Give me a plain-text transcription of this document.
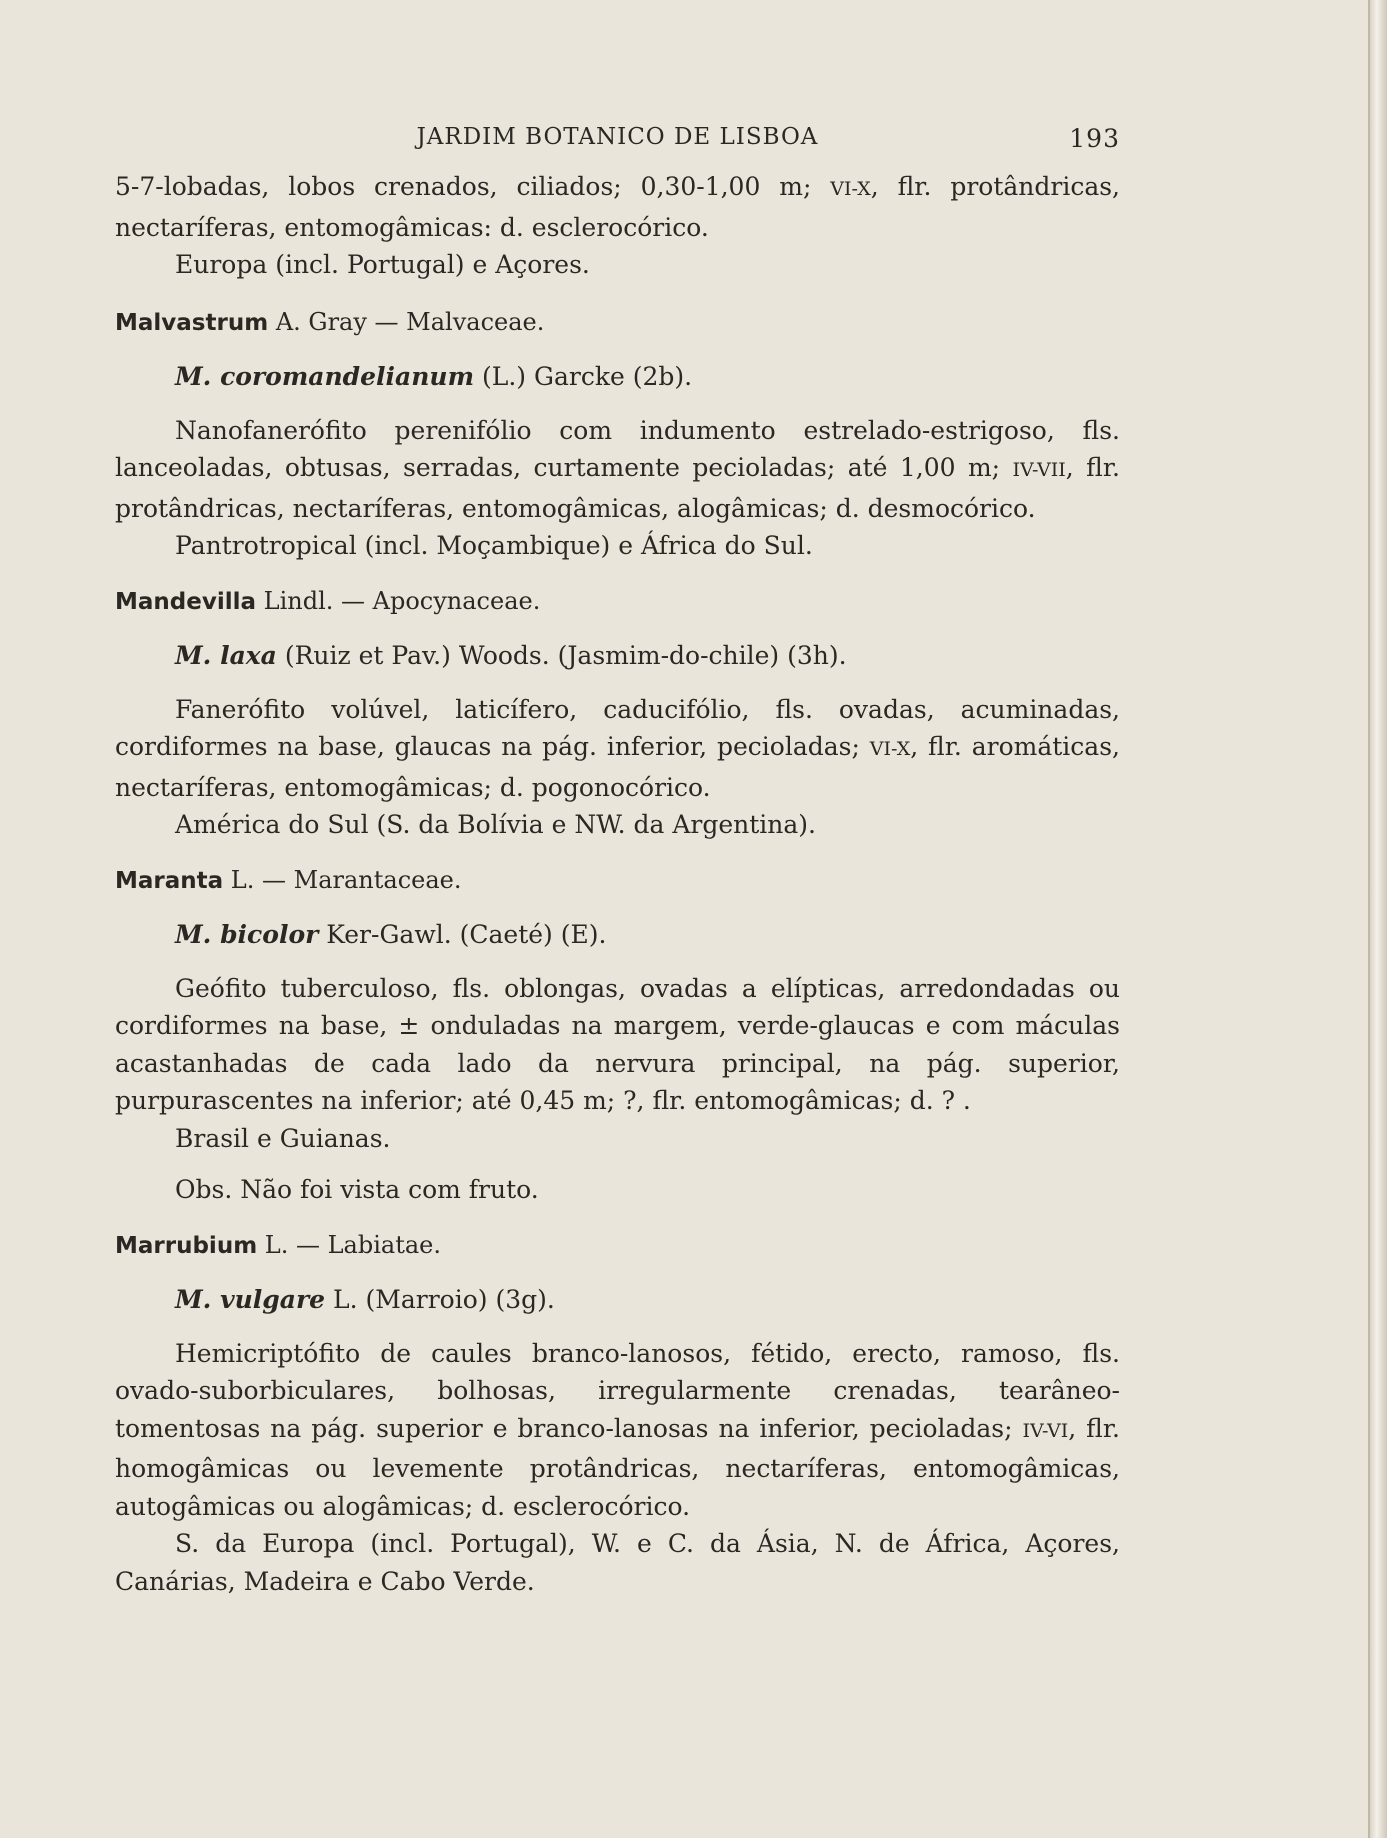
JARDIM BOTANICO DE LISBOA	193

5-7-lobadas, lobos crenados, ciliados; 0,30-1,00 m; VI-X, flr. protândricas, nectaríferas, entomogâmicas: d. esclerocórico.

Europa (incl. Portugal) e Açores.

Malvastrum A. Gray — Malvaceae.

M. coromandelianum (L.) Garcke (2b).

Nanofanerófito perenifólio com indumento estrelado-estrigoso, fls. lanceoladas, obtusas, serradas, curtamente pecioladas; até 1,00 m; IV-VII, flr. protândricas, nectaríferas, entomogâmicas, alogâmicas; d. desmocórico.

Pantrotropical (incl. Moçambique) e África do Sul.

Mandevilla Lindl. — Apocynaceae.

M. laxa (Ruiz et Pav.) Woods. (Jasmim-do-chile) (3h).

Fanerófito volúvel, laticífero, caducifólio, fls. ovadas, acuminadas, cordiformes na base, glaucas na pág. inferior, pecioladas; VI-X, flr. aromáticas, nectaríferas, entomogâmicas; d. pogonocórico.

América do Sul (S. da Bolívia e NW. da Argentina).

Maranta L. — Marantaceae.

M. bicolor Ker-Gawl. (Caeté) (E).

Geófito tuberculoso, fls. oblongas, ovadas a elípticas, arredondadas ou cordiformes na base, ± onduladas na margem, verde-glaucas e com máculas acastanhadas de cada lado da nervura principal, na pág. superior, purpurascentes na inferior; até 0,45 m; ?, flr. entomogâmicas; d. ? .

Brasil e Guianas.

Obs. Não foi vista com fruto.

Marrubium L. — Labiatae.

M. vulgare L. (Marroio) (3g).

Hemicriptófito de caules branco-lanosos, fétido, erecto, ramoso, fls. ovado-suborbiculares, bolhosas, irregularmente crenadas, tearâneo-tomentosas na pág. superior e branco-lanosas na inferior, pecioladas; IV-VI, flr. homogâmicas ou levemente protândricas, nectaríferas, entomogâmicas, autogâmicas ou alogâmicas; d. esclerocórico.

S. da Europa (incl. Portugal), W. e C. da Ásia, N. de África, Açores, Canárias, Madeira e Cabo Verde.
